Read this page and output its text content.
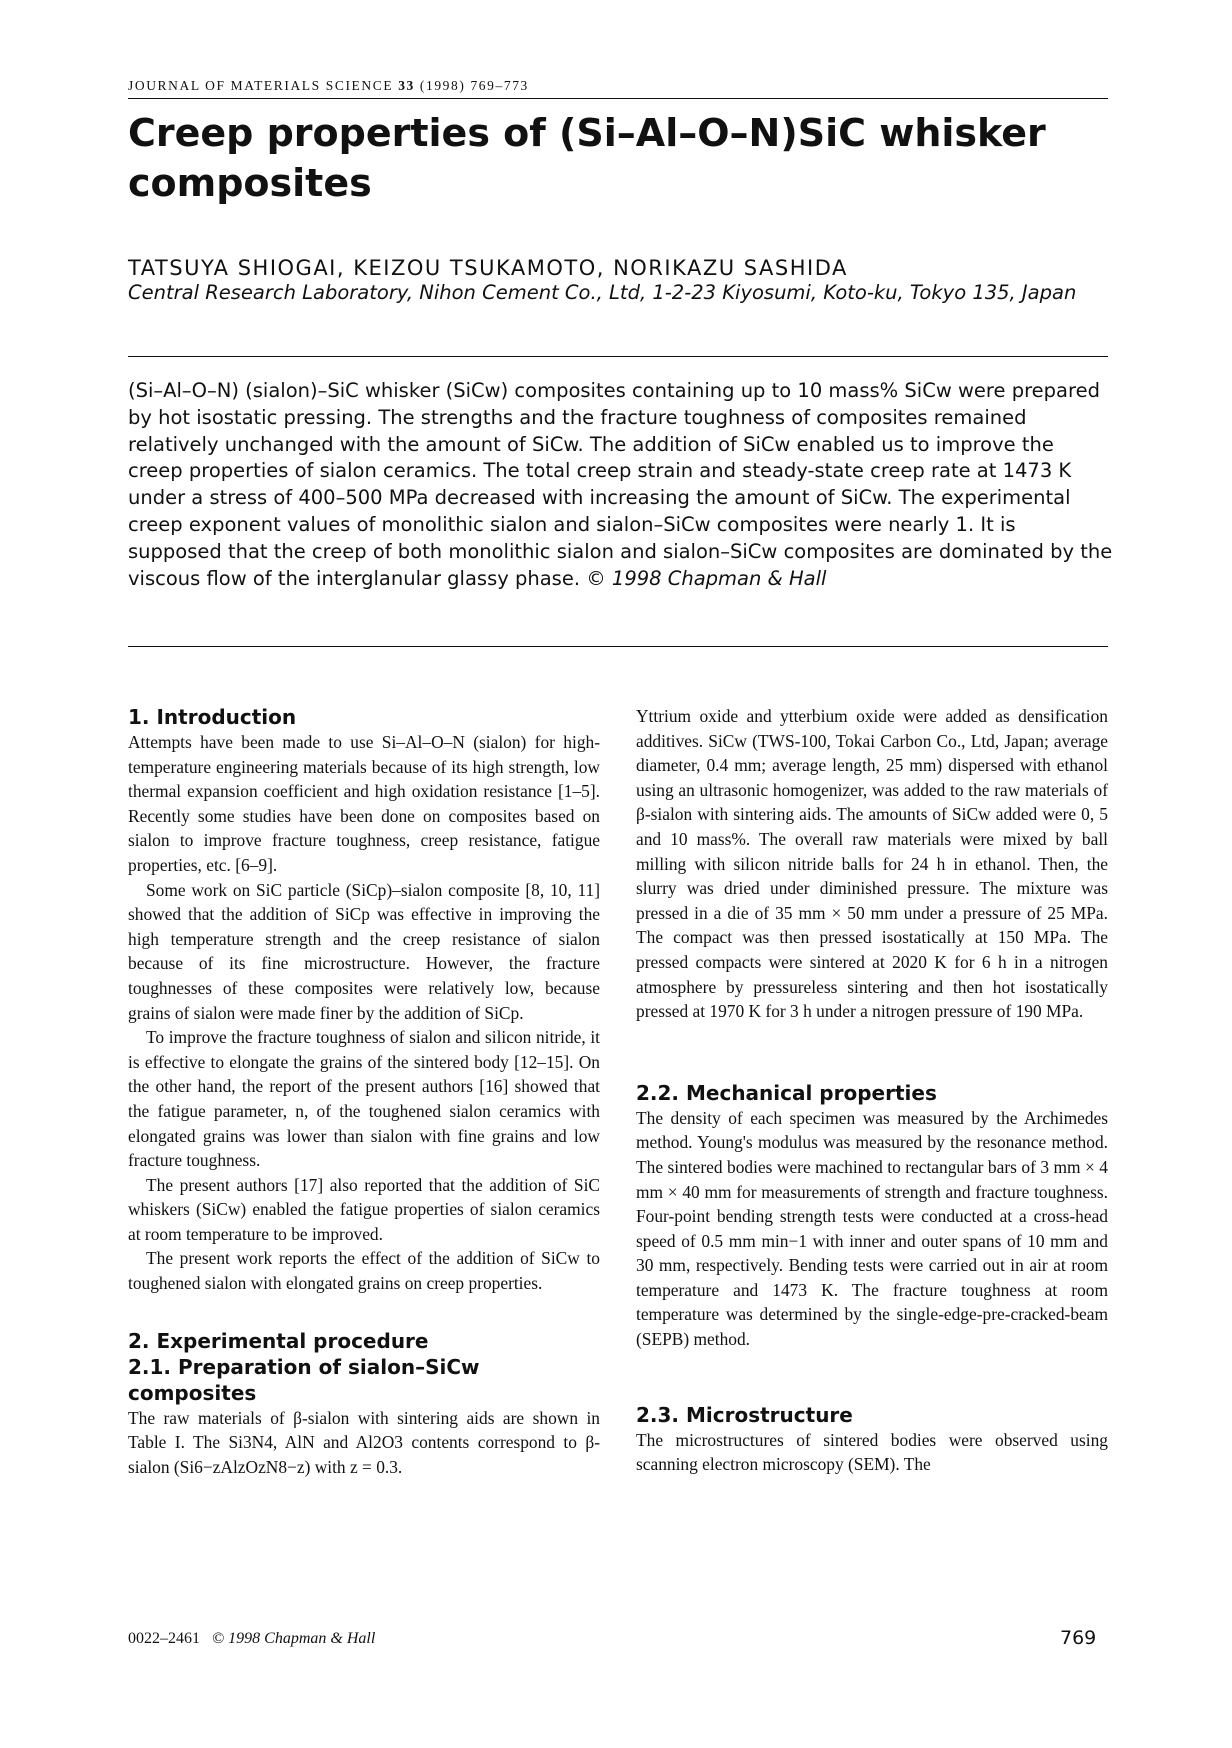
JOURNAL OF MATERIALS SCIENCE 33 (1998) 769–773
Creep properties of (Si–Al–O–N)SiC whisker composites
TATSUYA SHIOGAI, KEIZOU TSUKAMOTO, NORIKAZU SASHIDA
Central Research Laboratory, Nihon Cement Co., Ltd, 1-2-23 Kiyosumi, Koto-ku, Tokyo 135, Japan

(Si–Al–O–N) (sialon)–SiC whisker (SiCw) composites containing up to 10 mass% SiCw were prepared by hot isostatic pressing. The strengths and the fracture toughness of composites remained relatively unchanged with the amount of SiCw. The addition of SiCw enabled us to improve the creep properties of sialon ceramics. The total creep strain and steady-state creep rate at 1473 K under a stress of 400–500 MPa decreased with increasing the amount of SiCw. The experimental creep exponent values of monolithic sialon and sialon–SiCw composites were nearly 1. It is supposed that the creep of both monolithic sialon and sialon–SiCw composites are dominated by the viscous flow of the interglanular glassy phase. © 1998 Chapman & Hall

1. Introduction

Attempts have been made to use Si–Al–O–N (sialon) for high-temperature engineering materials because of its high strength, low thermal expansion coefficient and high oxidation resistance [1–5]. Recently some studies have been done on composites based on sialon to improve fracture toughness, creep resistance, fatigue properties, etc. [6–9].

Some work on SiC particle (SiCp)–sialon composite [8, 10, 11] showed that the addition of SiCp was effective in improving the high temperature strength and the creep resistance of sialon because of its fine microstructure. However, the fracture toughnesses of these composites were relatively low, because grains of sialon were made finer by the addition of SiCp.

To improve the fracture toughness of sialon and silicon nitride, it is effective to elongate the grains of the sintered body [12–15]. On the other hand, the report of the present authors [16] showed that the fatigue parameter, n, of the toughened sialon ceramics with elongated grains was lower than sialon with fine grains and low fracture toughness.

The present authors [17] also reported that the addition of SiC whiskers (SiCw) enabled the fatigue properties of sialon ceramics at room temperature to be improved.

The present work reports the effect of the addition of SiCw to toughened sialon with elongated grains on creep properties.

2. Experimental procedure
2.1. Preparation of sialon–SiCw composites

The raw materials of β-sialon with sintering aids are shown in Table I. The Si3N4, AlN and Al2O3 contents correspond to β-sialon (Si6−zAlzOzN8−z) with z = 0.3.

Yttrium oxide and ytterbium oxide were added as densification additives. SiCw (TWS-100, Tokai Carbon Co., Ltd, Japan; average diameter, 0.4 mm; average length, 25 mm) dispersed with ethanol using an ultrasonic homogenizer, was added to the raw materials of β-sialon with sintering aids. The amounts of SiCw added were 0, 5 and 10 mass%. The overall raw materials were mixed by ball milling with silicon nitride balls for 24 h in ethanol. Then, the slurry was dried under diminished pressure. The mixture was pressed in a die of 35 mm × 50 mm under a pressure of 25 MPa. The compact was then pressed isostatically at 150 MPa. The pressed compacts were sintered at 2020 K for 6 h in a nitrogen atmosphere by pressureless sintering and then hot isostatically pressed at 1970 K for 3 h under a nitrogen pressure of 190 MPa.

2.2. Mechanical properties

The density of each specimen was measured by the Archimedes method. Young's modulus was measured by the resonance method. The sintered bodies were machined to rectangular bars of 3 mm × 4 mm × 40 mm for measurements of strength and fracture toughness. Four-point bending strength tests were conducted at a cross-head speed of 0.5 mm min−1 with inner and outer spans of 10 mm and 30 mm, respectively. Bending tests were carried out in air at room temperature and 1473 K. The fracture toughness at room temperature was determined by the single-edge-pre-cracked-beam (SEPB) method.

2.3. Microstructure

The microstructures of sintered bodies were observed using scanning electron microscopy (SEM). The

0022–2461 © 1998 Chapman & Hall	769
